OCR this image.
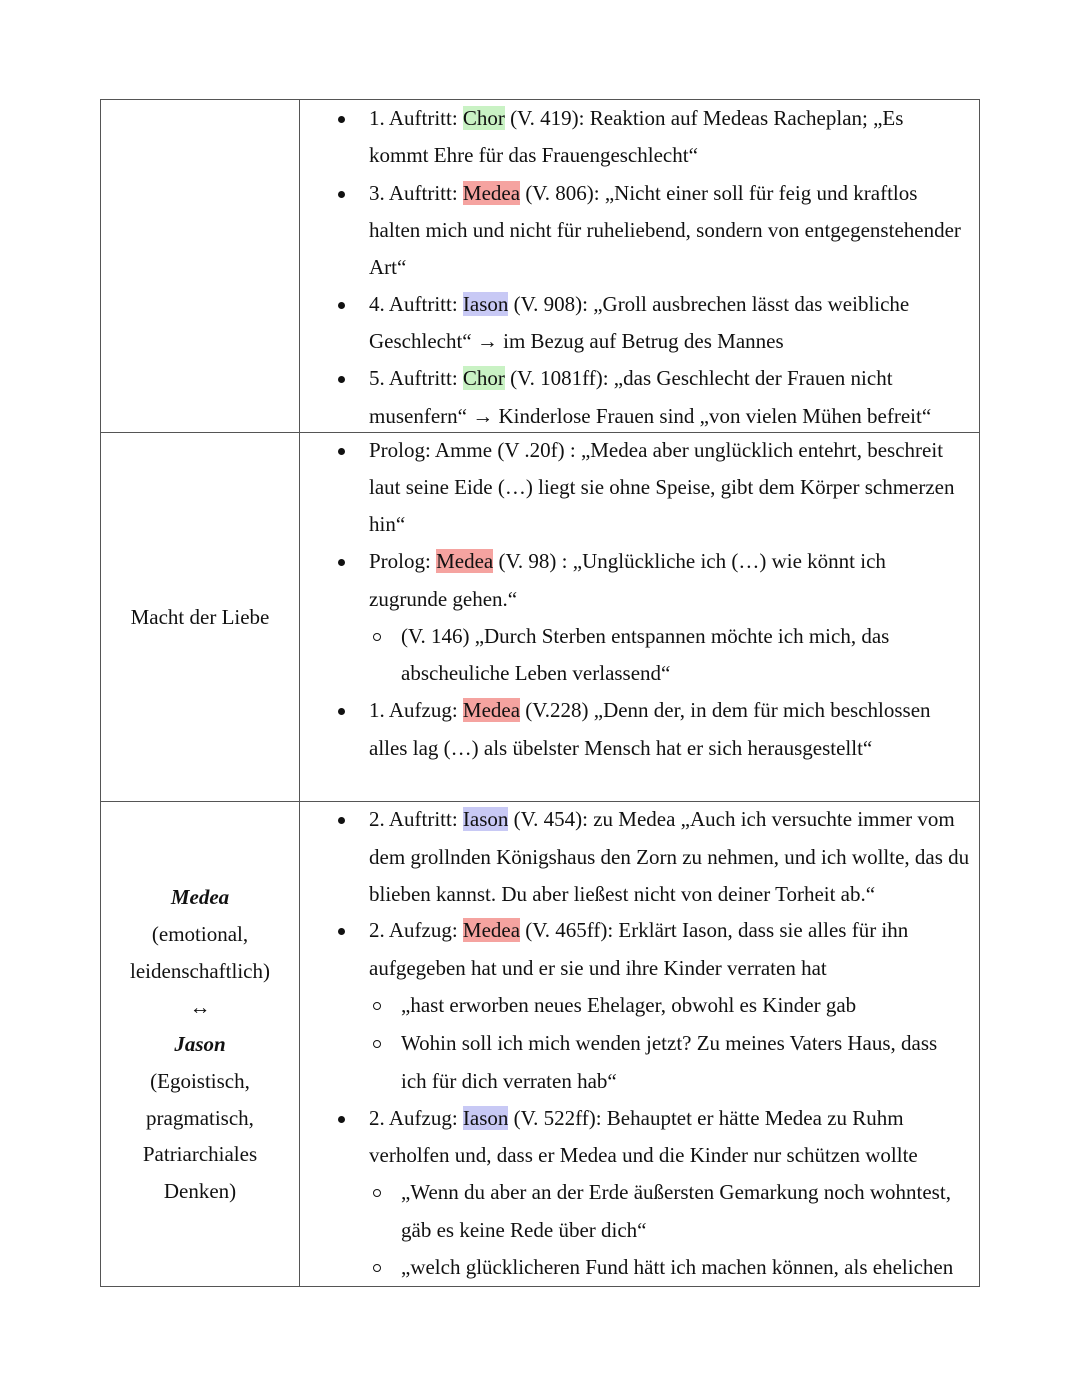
1. Auftritt: Chor (V. 419): Reaktion auf Medeas Racheplan; „Es
kommt Ehre für das Frauengeschlecht“
3. Auftritt: Medea (V. 806): „Nicht einer soll für feig und kraftlos
halten mich und nicht für ruheliebend, sondern von entgegenstehender
Art“
4. Auftritt: Iason (V. 908): „Groll ausbrechen lässt das weibliche
Geschlecht“ → im Bezug auf Betrug des Mannes
5. Auftritt: Chor (V. 1081ff): „das Geschlecht der Frauen nicht
musenfern“ → Kinderlose Frauen sind „von vielen Mühen befreit“
Macht der Liebe
Prolog: Amme (V .20f) : „Medea aber unglücklich entehrt, beschreit
laut seine Eide (…) liegt sie ohne Speise, gibt dem Körper schmerzen
hin“
Prolog: Medea (V. 98) : „Unglückliche ich (…) wie könnt ich
zugrunde gehen.“
(V. 146) „Durch Sterben entspannen möchte ich mich, das
abscheuliche Leben verlassend“
1. Aufzug: Medea (V.228) „Denn der, in dem für mich beschlossen
alles lag (…) als übelster Mensch hat er sich herausgestellt“
Medea
(emotional,
leidenschaftlich)
↔
Jason
(Egoistisch,
pragmatisch,
Patriarchiales
Denken)
2. Auftritt: Iason (V. 454): zu Medea „Auch ich versuchte immer vom
dem grollnden Königshaus den Zorn zu nehmen, und ich wollte, das du
blieben kannst. Du aber ließest nicht von deiner Torheit ab.“
2. Aufzug: Medea (V. 465ff): Erklärt Iason, dass sie alles für ihn
aufgegeben hat und er sie und ihre Kinder verraten hat
„hast erworben neues Ehelager, obwohl es Kinder gab
Wohin soll ich mich wenden jetzt? Zu meines Vaters Haus, dass
ich für dich verraten hab“
2. Aufzug: Iason (V. 522ff): Behauptet er hätte Medea zu Ruhm
verholfen und, dass er Medea und die Kinder nur schützen wollte
„Wenn du aber an der Erde äußersten Gemarkung noch wohntest,
gäb es keine Rede über dich“
„welch glücklicheren Fund hätt ich machen können, als ehelichen
